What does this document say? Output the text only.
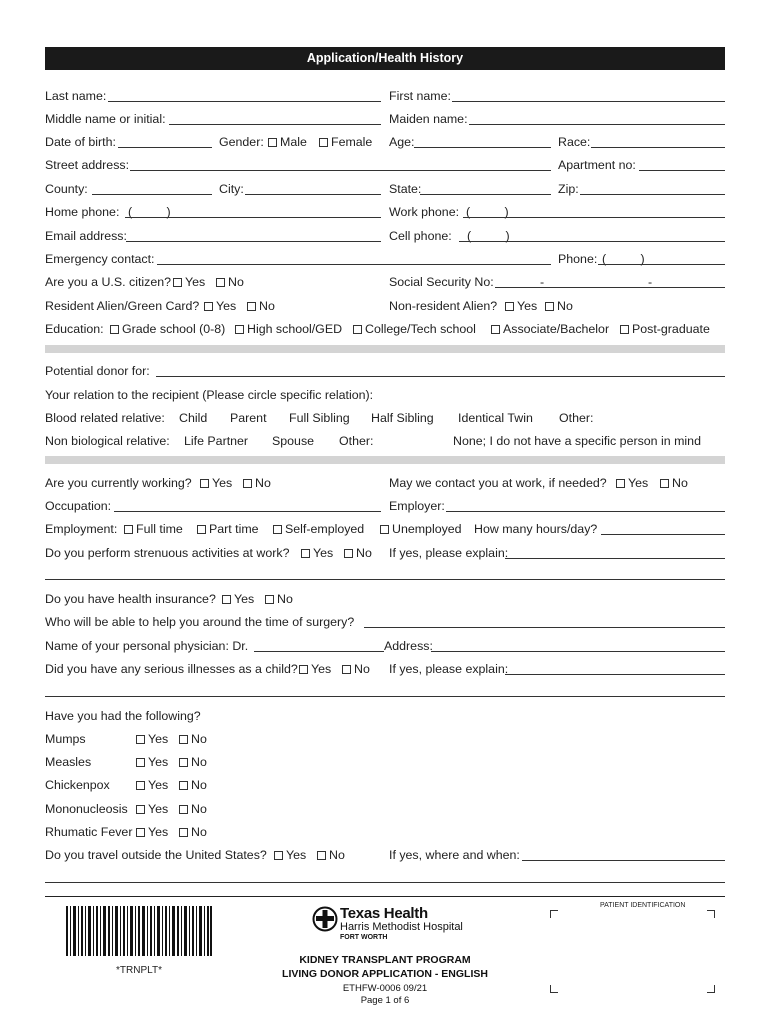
Application/Health History
Last name:	First name:
Middle name or initial:	Maiden name:
Date of birth:	Gender:	Male	Female Age:	Race:
Street address:	Apartment no:
County:	City:	State:	Zip:
Home phone: (          )	Work phone: (          )
Email address:	Cell phone: (          )
Emergency contact:	Phone: (          )
Are you a U.S. citizen?	Yes	No	Social Security No:	-	-
Resident Alien/Green Card?	Yes	No	Non-resident Alien?	Yes	No
Education:	Grade school (0-8)	High school/GED	College/Tech school	Associate/Bachelor	Post-graduate
Potential donor for:
Your relation to the recipient (Please circle specific relation):
Blood related relative: Child Parent Full Sibling Half Sibling Identical Twin Other:
Non biological relative: Life Partner Spouse Other:	None; I do not have a specific person in mind
Are you currently working?	Yes	No	May we contact you at work, if needed?	Yes	No
Occupation:	Employer:
Employment:	Full time	Part time	Self-employed	Unemployed How many hours/day?
Do you perform strenuous activities at work?	Yes	No If yes, please explain:
Do you have health insurance?	Yes	No
Who will be able to help you around the time of surgery?
Name of your personal physician: Dr.	Address:
Did you have any serious illnesses as a child?	Yes	No If yes, please explain:
Have you had the following?
Mumps	Yes	No
Measles	Yes	No
Chickenpox	Yes	No
Mononucleosis	Yes	No
Rhumatic Fever	Yes	No
Do you travel outside the United States?	Yes	No	If yes, where and when:
*TRNPLT*
Texas Health
Harris Methodist Hospital
FORT WORTH
KIDNEY TRANSPLANT PROGRAM
LIVING DONOR APPLICATION - ENGLISH
ETHFW-0006 09/21
Page 1 of 6
PATIENT IDENTIFICATION
